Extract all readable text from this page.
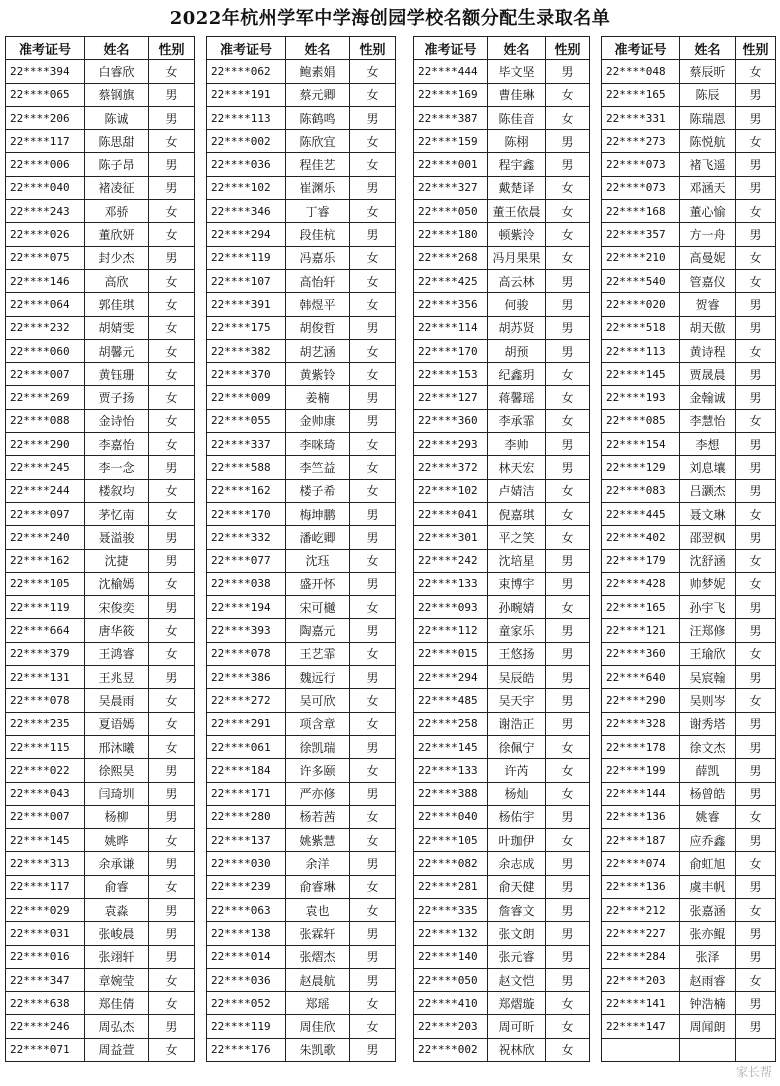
2022年杭州学军中学海创园学校名额分配生录取名单
准考证号	姓名	性别
22****394	白睿欣	女
22****065	蔡钢旗	男
22****206	陈诚	男
22****117	陈思甜	女
22****006	陈子昂	男
22****040	褚凌征	男
22****243	邓骄	女
22****026	董欣妍	女
22****075	封少杰	男
22****146	高欣	女
22****064	郭佳琪	女
22****232	胡婧雯	女
22****060	胡馨元	女
22****007	黄钰珊	女
22****269	贾子扬	女
22****088	金诗怡	女
22****290	李嘉怡	女
22****245	李一念	男
22****244	楼叙均	女
22****097	茅忆南	女
22****240	聂溢骏	男
22****162	沈捷	男
22****105	沈榆嫣	女
22****119	宋俊奕	男
22****664	唐华筱	女
22****379	王鸿睿	女
22****131	王兆昱	男
22****078	吴晨雨	女
22****235	夏语嫣	女
22****115	邢沐曦	女
22****022	徐熙昊	男
22****043	闫琦圳	男
22****007	杨柳	男
22****145	姚晔	女
22****313	余承谦	男
22****117	俞睿	女
22****029	袁淼	男
22****031	张峻晨	男
22****016	张翊轩	男
22****347	章婉莹	女
22****638	郑佳倩	女
22****246	周弘杰	男
22****071	周益萱	女
准考证号	姓名	性别
22****062	鲍素娟	女
22****191	蔡元卿	女
22****113	陈鹤鸣	男
22****002	陈欣宜	女
22****036	程佳艺	女
22****102	崔渊乐	男
22****346	丁睿	女
22****294	段佳杭	男
22****119	冯嘉乐	女
22****107	高怡轩	女
22****391	韩煜平	女
22****175	胡俊哲	男
22****382	胡艺涵	女
22****370	黄紫铃	女
22****009	姜楠	男
22****055	金帅康	男
22****337	李咪琦	女
22****588	李竺益	女
22****162	楼子希	女
22****170	梅坤鹏	男
22****332	潘屹卿	男
22****077	沈珏	女
22****038	盛开怀	男
22****194	宋可樾	女
22****393	陶嘉元	男
22****078	王艺霏	女
22****386	魏远行	男
22****272	吴可欣	女
22****291	项含章	女
22****061	徐凯瑞	男
22****184	许多颐	女
22****171	严亦修	男
22****280	杨若茜	女
22****137	姚紫慧	女
22****030	余洋	男
22****239	俞睿琳	女
22****063	袁也	女
22****138	张霖轩	男
22****014	张熠杰	男
22****036	赵晨航	男
22****052	郑瑶	女
22****119	周佳欣	女
22****176	朱凯歌	男
准考证号	姓名	性别
22****444	毕文坚	男
22****169	曹佳琳	女
22****387	陈佳音	女
22****159	陈栩	男
22****001	程宇鑫	男
22****327	戴楚译	女
22****050	董王依晨	女
22****180	顿紫泠	女
22****268	冯月果果	女
22****425	高云林	男
22****356	何骏	男
22****114	胡苏贤	男
22****170	胡预	男
22****153	纪鑫玥	女
22****127	蒋馨瑶	女
22****360	李承霏	女
22****293	李帅	男
22****372	林天宏	男
22****102	卢婧洁	女
22****041	倪嘉琪	女
22****301	平之笑	女
22****242	沈培星	男
22****133	束博宇	男
22****093	孙畹婧	女
22****112	童家乐	男
22****015	王悠扬	男
22****294	吴辰皓	男
22****485	吴天宇	男
22****258	谢浩正	男
22****145	徐佩宁	女
22****133	许芮	女
22****388	杨灿	女
22****040	杨佑宇	男
22****105	叶珈伊	女
22****082	余志成	男
22****281	俞天健	男
22****335	詹睿文	男
22****132	张文朗	男
22****140	张元睿	男
22****050	赵文恺	男
22****410	郑熠璇	女
22****203	周可昕	女
22****002	祝林欣	女
准考证号	姓名	性别
22****048	蔡辰昕	女
22****165	陈辰	男
22****331	陈瑞恩	男
22****273	陈悦航	女
22****073	褚飞遥	男
22****073	邓涵天	男
22****168	董心愉	女
22****357	方一舟	男
22****210	高曼妮	女
22****540	管嘉仪	女
22****020	贺睿	男
22****518	胡天傲	男
22****113	黄诗程	女
22****145	贾晟晨	男
22****193	金翰诚	男
22****085	李慧怡	女
22****154	李想	男
22****129	刘息壤	男
22****083	吕灏杰	男
22****445	聂文琳	女
22****402	邵翌枫	男
22****179	沈舒涵	女
22****428	帅梦妮	女
22****165	孙宇飞	男
22****121	汪郑修	男
22****360	王瑜欣	女
22****640	吴宸翰	男
22****290	吴则岑	女
22****328	谢秀塔	男
22****178	徐文杰	男
22****199	薛凯	男
22****144	杨曾皓	男
22****136	姚睿	女
22****187	应乔鑫	男
22****074	俞虹旭	女
22****136	虞丰帆	男
22****212	张嘉涵	女
22****227	张亦鲲	男
22****284	张泽	男
22****203	赵雨睿	女
22****141	钟浩楠	男
22****147	周闻朗	男

家长帮
